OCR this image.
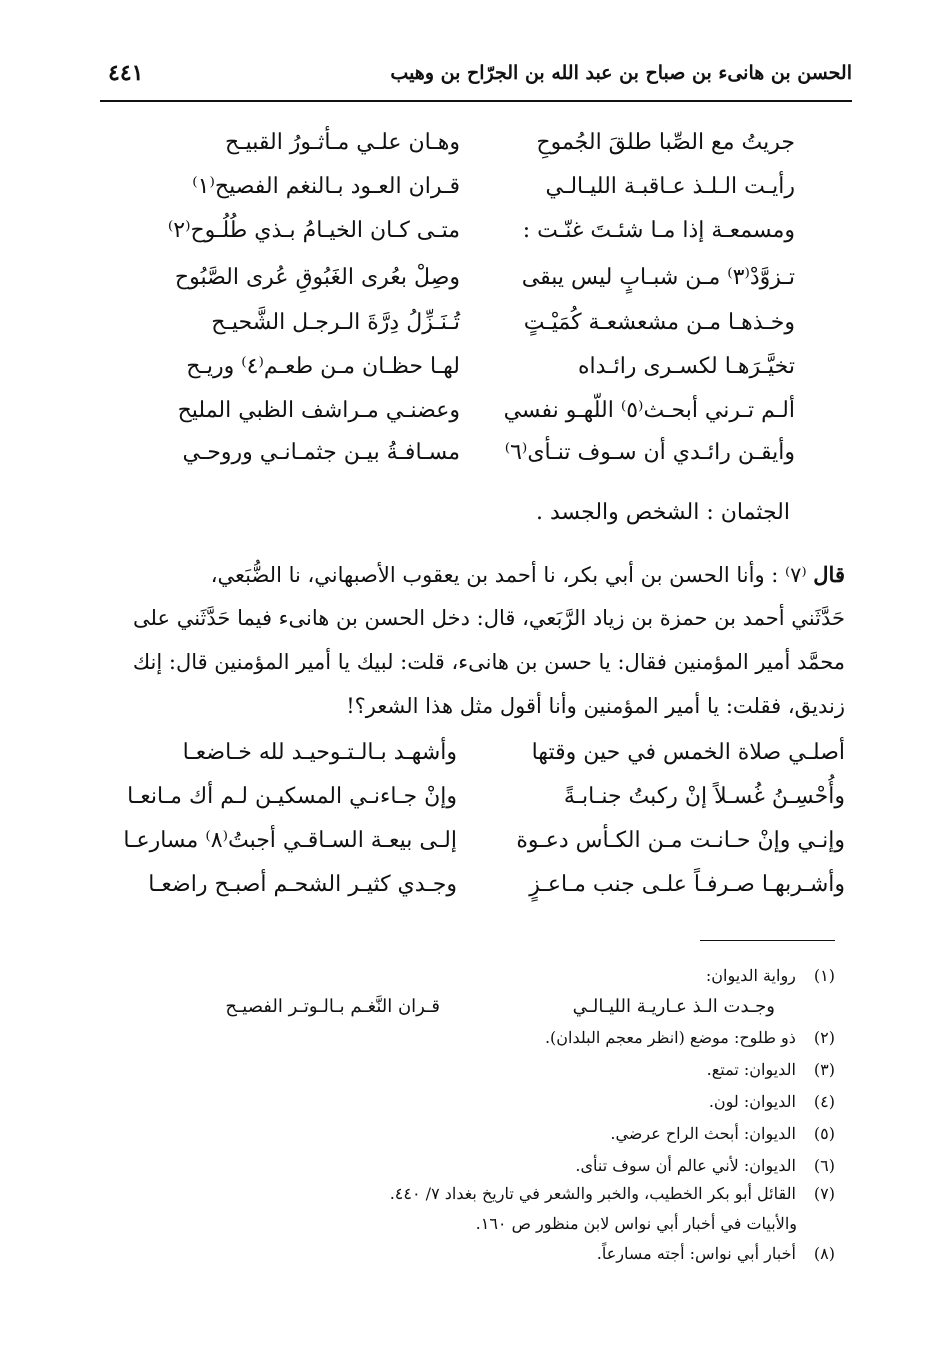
الحسن بن هانىء بن صباح بن عبد الله بن الجرّاح بن وهيب
٤٤١
جريتُ مع الصِّبا طلقَ الجُموحِ
رأيـت الـلـذ عـاقبـة الليـالـي
ومسمعـة إذا مـا شئـتَ غنّـت :
تـزوَّدْ⁽٣⁾ مـن شبـابٍ ليس يبقى
وخـذهـا مـن مشعشعـة كُمَيْـتٍ
تخيَّـرَهـا لكسـرى رائـداه
ألـم تـرني أبحـث⁽٥⁾ اللّهـو نفسي
وأيقـن رائـدي أن سـوف تنـأى⁽٦⁾
وهـان علـي مـأثـورُ القبيـح
قـران العـود بـالنغم الفصيح⁽١⁾
متـى كـان الخيـامُ بـذي طُلُـوح⁽٢⁾
وصِلْ بعُرى الغَبُوقِ عُرى الصَّبُوح
تُـنَـزِّلُ دِرَّةَ الـرجـل الشَّحيـح
لهـا حظـان مـن طعـم⁽٤⁾ وريـح
وعضنـي مـراشف الظبي المليح
مسـافـةُ بيـن جثمـانـي وروحـي
الجثمان : الشخص والجسد .
قال ⁽٧⁾ : وأنا الحسن بن أبي بكر، نا أحمد بن يعقوب الأصبهاني، نا الضُّبَعي،
حَدَّثَني أحمد بن حمزة بن زياد الرَّبَعي، قال: دخل الحسن بن هانىء فيما حَدَّثَني على
محمَّد أمير المؤمنين فقال: يا حسن بن هانىء، قلت: لبيك يا أمير المؤمنين قال: إنك
زنديق، فقلت: يا أمير المؤمنين وأنا أقول مثل هذا الشعر؟!
أصلـي صلاة الخمس في حين وقتها
وأُحْسِـنُ غُسـلاً إنْ ركبتُ جنـابـةً
وإنـي وإنْ حـانـت مـن الكـأس دعـوة
وأشـربهـا صـرفـاً علـى جنب مـاعـزٍ
وأشهـد بـالـتـوحيـد لله خـاضعـا
وإنْ جـاءنـي المسكيـن لـم أك مـانعـا
إلـى بيعـة السـاقـي أجبتُ⁽٨⁾ مسارعـا
وجـدي كثيـر الشحـم أصبـح راضعـا
(١) رواية الديوان:
وجـدت الـذ عـاريـة الليـالـي
قـران النَّغـم بـالـوتـر الفصيـح
(٢) ذو طلوح: موضع (انظر معجم البلدان).
(٣) الديوان: تمتع.
(٤) الديوان: لون.
(٥) الديوان: أبحث الراح عرضي.
(٦) الديوان: لأني عالم أن سوف تنأى.
(٧) القائل أبو بكر الخطيب، والخبر والشعر في تاريخ بغداد ٧/ ٤٤٠.
والأبيات في أخبار أبي نواس لابن منظور ص ١٦٠.
(٨) أخبار أبي نواس: أجته مسارعاً.
